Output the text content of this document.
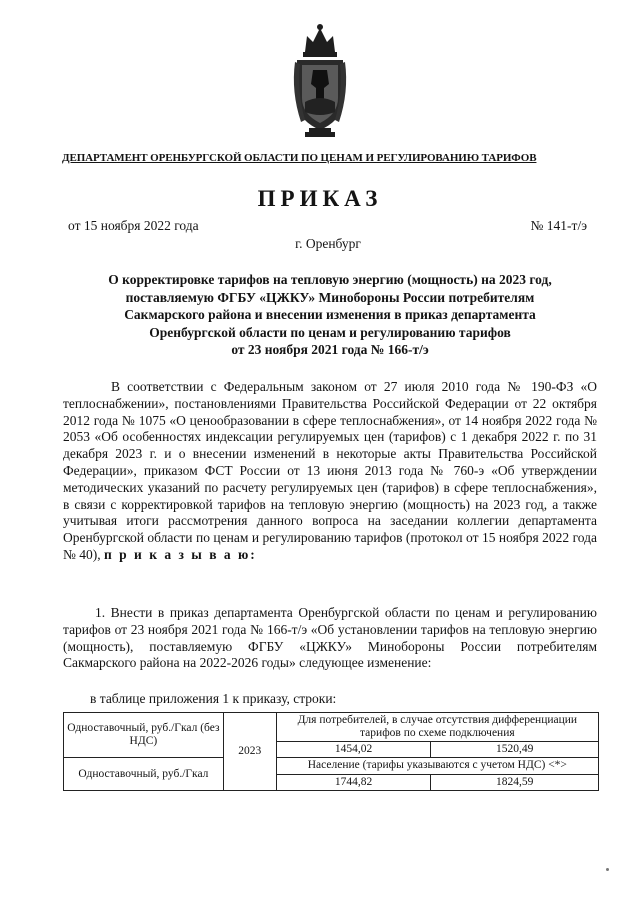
ДЕПАРТАМЕНТ ОРЕНБУРГСКОЙ ОБЛАСТИ ПО ЦЕНАМ И РЕГУЛИРОВАНИЮ ТАРИФОВ
ПРИКАЗ
от 15 ноября 2022 года	№ 141-т/э
г. Оренбург
О корректировке тарифов на тепловую энергию (мощность) на 2023 год,
поставляемую ФГБУ «ЦЖКУ» Минобороны России потребителям
Сакмарского района и внесении изменения в приказ департамента
Оренбургской области по ценам и регулированию тарифов
от 23 ноября 2021 года № 166-т/э
В соответствии с Федеральным законом от 27 июля 2010 года № 190-ФЗ «О теплоснабжении», постановлениями Правительства Российской Федерации от 22 октября 2012 года № 1075 «О ценообразовании в сфере теплоснабжения», от 14 ноября 2022 года № 2053 «Об особенностях индексации регулируемых цен (тарифов) с 1 декабря 2022 г. по 31 декабря 2023 г. и о внесении изменений в некоторые акты Правительства Российской Федерации», приказом ФСТ России от 13 июня 2013 года № 760-э «Об утверждении методических указаний по расчету регулируемых цен (тарифов) в сфере теплоснабжения», в связи с корректировкой тарифов на тепловую энергию (мощность) на 2023 год, а также учитывая итоги рассмотрения данного вопроса на заседании коллегии департамента Оренбургской области по ценам и регулированию тарифов (протокол от 15 ноября 2022 года № 40), п р и к а з ы в а ю:
1. Внести в приказ департамента Оренбургской области по ценам и регулированию тарифов от 23 ноября 2021 года № 166-т/э «Об установлении тарифов на тепловую энергию (мощность), поставляемую ФГБУ «ЦЖКУ» Минобороны России потребителям Сакмарского района на 2022-2026 годы» следующее изменение:
в таблице приложения 1 к приказу, строки:
Одноставочный, руб./Гкал (без НДС)	2023	Для потребителей, в случае отсутствия дифференциации тарифов по схеме подключения	
		1454,02	1520,49
Одноставочный, руб./Гкал		Население (тарифы указываются с учетом НДС) <*>	
		1744,82	1824,59
